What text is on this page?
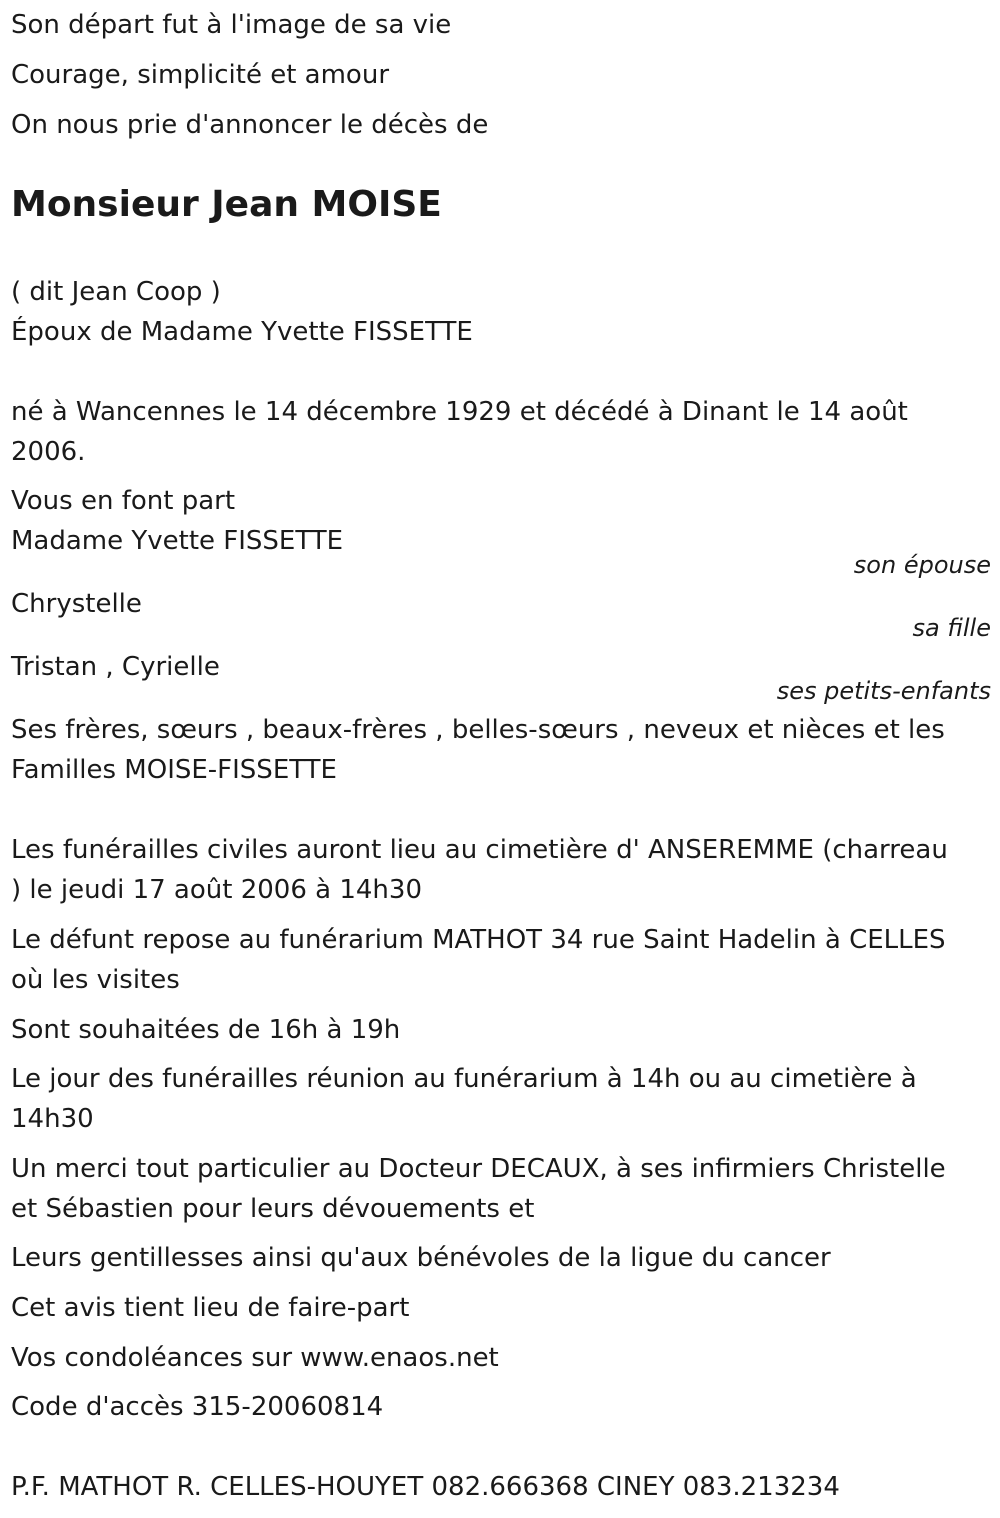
Son départ fut à l'image de sa vie

Courage, simplicité et amour

On nous prie d'annoncer le décès de

Monsieur Jean MOISE

( dit Jean Coop )

Époux de Madame Yvette FISSETTE

né à Wancennes le 14 décembre 1929 et décédé à Dinant le 14 août

2006.

Vous en font part

Madame Yvette FISSETTE

son épouse

Chrystelle

sa fille

Tristan , Cyrielle

ses petits-enfants

Ses frères, sœurs , beaux-frères , belles-sœurs , neveux et nièces et les

Familles MOISE-FISSETTE

Les funérailles civiles auront lieu au cimetière d' ANSEREMME (charreau

) le jeudi 17 août 2006 à 14h30

Le défunt repose au funérarium MATHOT 34 rue Saint Hadelin à CELLES

où les visites

Sont souhaitées de 16h à 19h

Le jour des funérailles réunion au funérarium à 14h ou au cimetière à

14h30

Un merci tout particulier au Docteur DECAUX, à ses infirmiers Christelle

et Sébastien pour leurs dévouements et

Leurs gentillesses ainsi qu'aux bénévoles de la ligue du cancer

Cet avis tient lieu de faire-part

Vos condoléances sur www.enaos.net

Code d'accès 315-20060814

P.F. MATHOT R. CELLES-HOUYET 082.666368 CINEY 083.213234
